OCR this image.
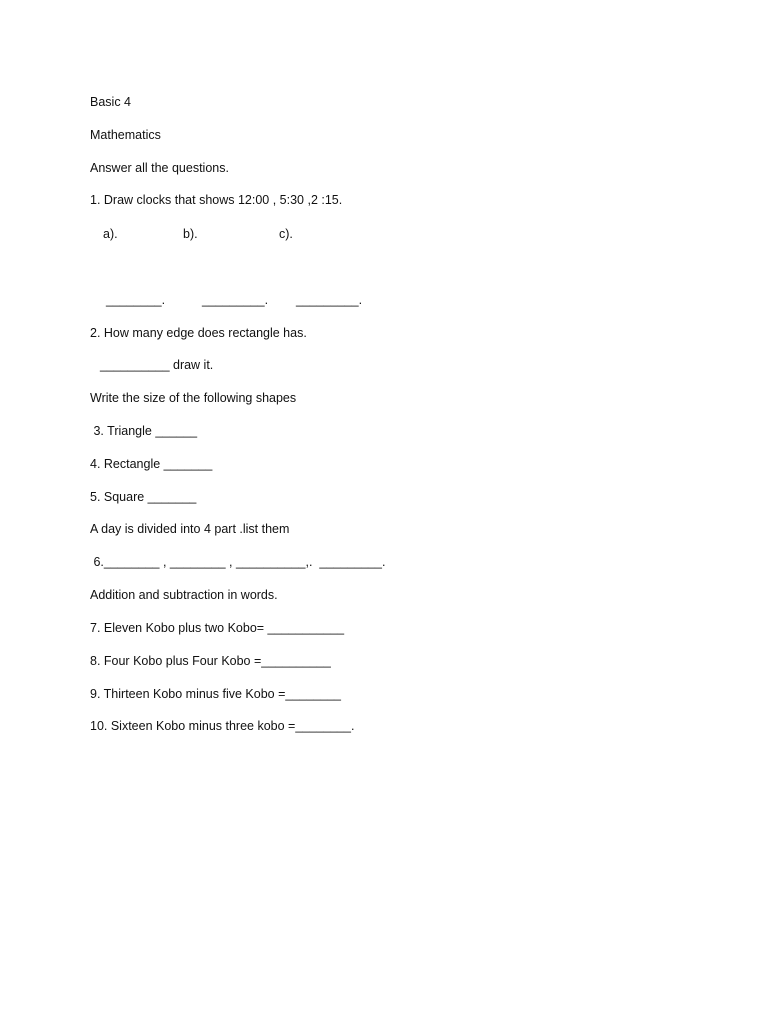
Basic 4
Mathematics
Answer all the questions.
1. Draw clocks that shows 12:00 , 5:30 ,2 :15.
a).	b).	c).
________.	_________. _________.
2. How many edge does rectangle has.
__________ draw it.
Write the size of the following shapes
3. Triangle ______
4. Rectangle _______
5. Square _______
A day is divided into 4 part .list them
6.________ , ________ , __________,.  _________.
Addition and subtraction in words.
7. Eleven Kobo plus two Kobo= ___________
8. Four Kobo plus Four Kobo =__________
9. Thirteen Kobo minus five Kobo =________
10. Sixteen Kobo minus three kobo =________.
